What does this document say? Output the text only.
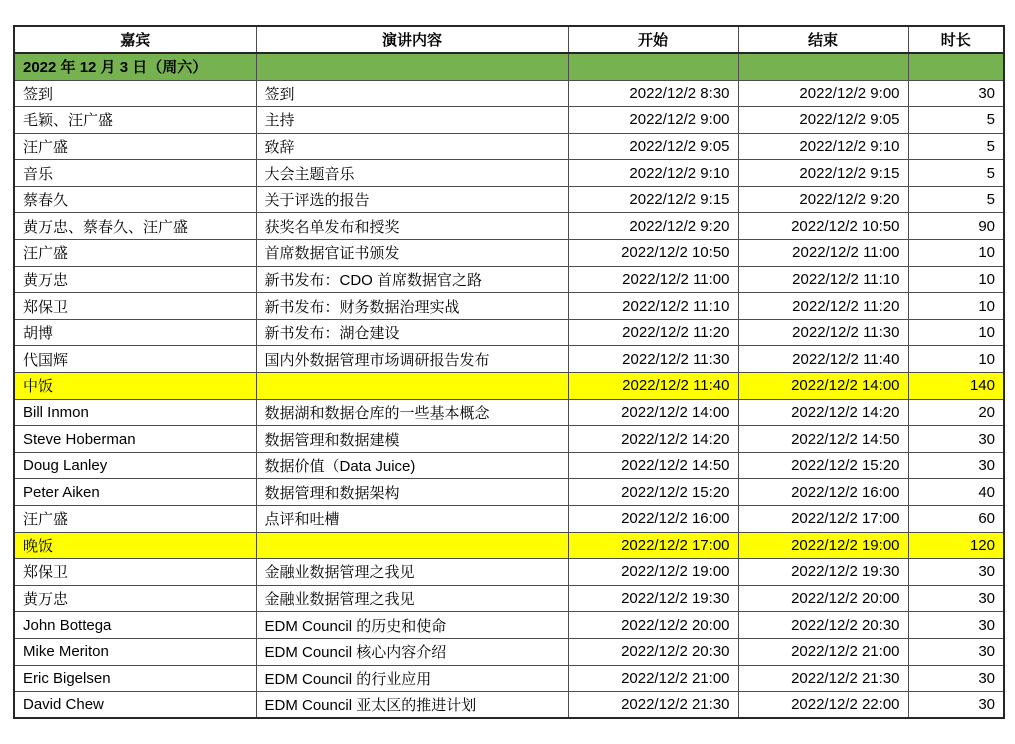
嘉宾	演讲内容	开始	结束	时长
2022 年 12 月 3 日（周六）				
签到	签到	2022/12/2 8:30	2022/12/2 9:00	30
毛颖、汪广盛	主持	2022/12/2 9:00	2022/12/2 9:05	5
汪广盛	致辞	2022/12/2 9:05	2022/12/2 9:10	5
音乐	大会主题音乐	2022/12/2 9:10	2022/12/2 9:15	5
蔡春久	关于评选的报告	2022/12/2 9:15	2022/12/2 9:20	5
黄万忠、蔡春久、汪广盛	获奖名单发布和授奖	2022/12/2 9:20	2022/12/2 10:50	90
汪广盛	首席数据官证书颁发	2022/12/2 10:50	2022/12/2 11:00	10
黄万忠	新书发布：CDO 首席数据官之路	2022/12/2 11:00	2022/12/2 11:10	10
郑保卫	新书发布：财务数据治理实战	2022/12/2 11:10	2022/12/2 11:20	10
胡博	新书发布：湖仓建设	2022/12/2 11:20	2022/12/2 11:30	10
代国辉	国内外数据管理市场调研报告发布	2022/12/2 11:30	2022/12/2 11:40	10
中饭		2022/12/2 11:40	2022/12/2 14:00	140
Bill Inmon	数据湖和数据仓库的一些基本概念	2022/12/2 14:00	2022/12/2 14:20	20
Steve Hoberman	数据管理和数据建模	2022/12/2 14:20	2022/12/2 14:50	30
Doug Lanley	数据价值（Data Juice)	2022/12/2 14:50	2022/12/2 15:20	30
Peter Aiken	数据管理和数据架构	2022/12/2 15:20	2022/12/2 16:00	40
汪广盛	点评和吐槽	2022/12/2 16:00	2022/12/2 17:00	60
晚饭		2022/12/2 17:00	2022/12/2 19:00	120
郑保卫	金融业数据管理之我见	2022/12/2 19:00	2022/12/2 19:30	30
黄万忠	金融业数据管理之我见	2022/12/2 19:30	2022/12/2 20:00	30
John Bottega	EDM Council 的历史和使命	2022/12/2 20:00	2022/12/2 20:30	30
Mike Meriton	EDM Council 核心内容介绍	2022/12/2 20:30	2022/12/2 21:00	30
Eric Bigelsen	EDM Council 的行业应用	2022/12/2 21:00	2022/12/2 21:30	30
David Chew	EDM Council 亚太区的推进计划	2022/12/2 21:30	2022/12/2 22:00	30
